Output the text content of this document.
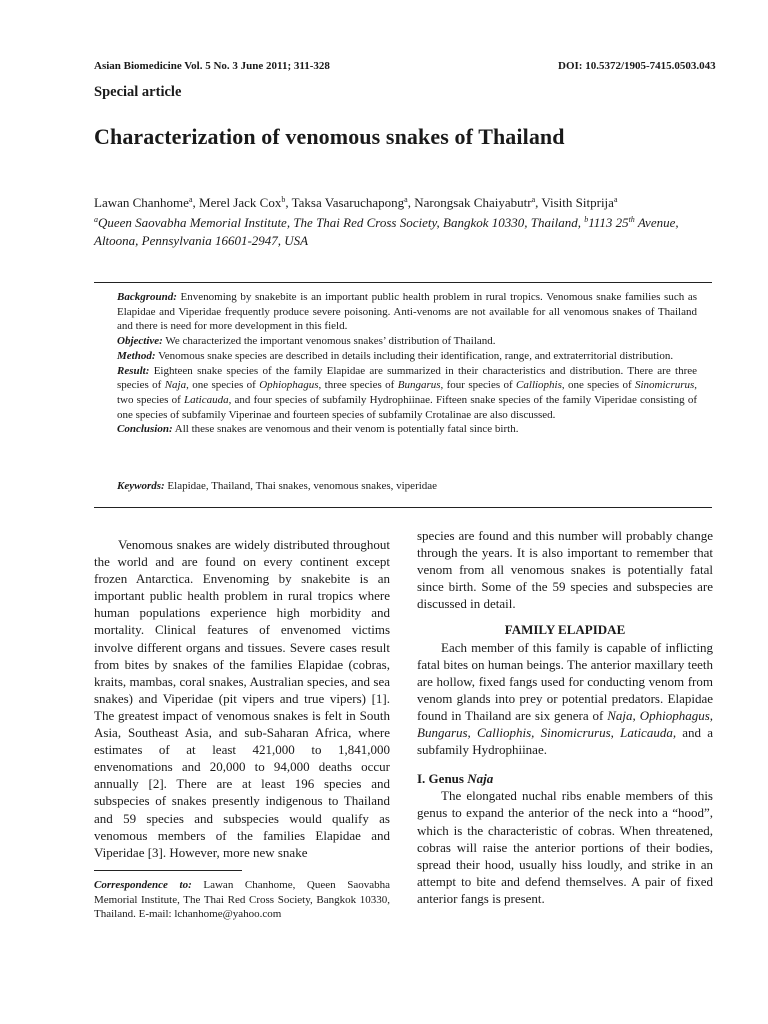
Asian Biomedicine Vol. 5 No. 3 June 2011; 311-328	DOI: 10.5372/1905-7415.0503.043
Special article
Characterization of venomous snakes of Thailand
Lawan Chanhome$^a$, Merel Jack Cox$^b$, Taksa Vasaruchapong$^a$, Narongsak Chaiyabutr$^a$, Visith Sitprija$^a$
$^a$Queen Saovabha Memorial Institute, The Thai Red Cross Society, Bangkok 10330, Thailand, $^b$1113 25th Avenue, Altoona, Pennsylvania 16601-2947, USA

Background: Envenoming by snakebite is an important public health problem in rural tropics. Venomous snake families such as Elapidae and Viperidae frequently produce severe poisoning. Anti-venoms are not available for all venomous snakes of Thailand and there is need for more development in this field.

Objective: We characterized the important venomous snakes’ distribution of Thailand.

Method: Venomous snake species are described in details including their identification, range, and extraterritorial distribution.

Result: Eighteen snake species of the family Elapidae are summarized in their characteristics and distribution. There are three species of Naja, one species of Ophiophagus, three species of Bungarus, four species of Calliophis, one species of Sinomicrurus, two species of Laticauda, and four species of subfamily Hydrophiinae. Fifteen snake species of the family Viperidae consisting of one species of subfamily Viperinae and fourteen species of subfamily Crotalinae are also discussed.

Conclusion: All these snakes are venomous and their venom is potentially fatal since birth.

Keywords: Elapidae, Thailand, Thai snakes, venomous snakes, viperidae

Venomous snakes are widely distributed throughout the world and are found on every continent except frozen Antarctica. Envenoming by snakebite is an important public health problem in rural tropics where human populations experience high morbidity and mortality. Clinical features of envenomed victims involve different organs and tissues. Severe cases result from bites by snakes of the families Elapidae (cobras, kraits, mambas, coral snakes, Australian species, and sea snakes) and Viperidae (pit vipers and true vipers) [1]. The greatest impact of venomous snakes is felt in South Asia, Southeast Asia, and sub-Saharan Africa, where estimates of at least 421,000 to 1,841,000 envenomations and 20,000 to 94,000 deaths occur annually [2]. There are at least 196 species and subspecies of snakes presently indigenous to Thailand and 59 species and subspecies would qualify as venomous members of the families Elapidae and Viperidae [3]. However, more new snake

species are found and this number will probably change through the years. It is also important to remember that venom from all venomous snakes is potentially fatal since birth. Some of the 59 species and subspecies are discussed in detail.

FAMILY ELAPIDAE

Each member of this family is capable of inflicting fatal bites on human beings. The anterior maxillary teeth are hollow, fixed fangs used for conducting venom from venom glands into prey or potential predators. Elapidae found in Thailand are six genera of Naja, Ophiophagus, Bungarus, Calliophis, Sinomicrurus, Laticauda, and a subfamily Hydrophiinae.

I. Genus Naja

The elongated nuchal ribs enable members of this genus to expand the anterior of the neck into a “hood”, which is the characteristic of cobras. When threatened, cobras will raise the anterior portions of their bodies, spread their hood, usually hiss loudly, and strike in an attempt to bite and defend themselves. A pair of fixed anterior fangs is present.

Correspondence to: Lawan Chanhome, Queen Saovabha Memorial Institute, The Thai Red Cross Society, Bangkok 10330, Thailand. E-mail: lchanhome@yahoo.com
